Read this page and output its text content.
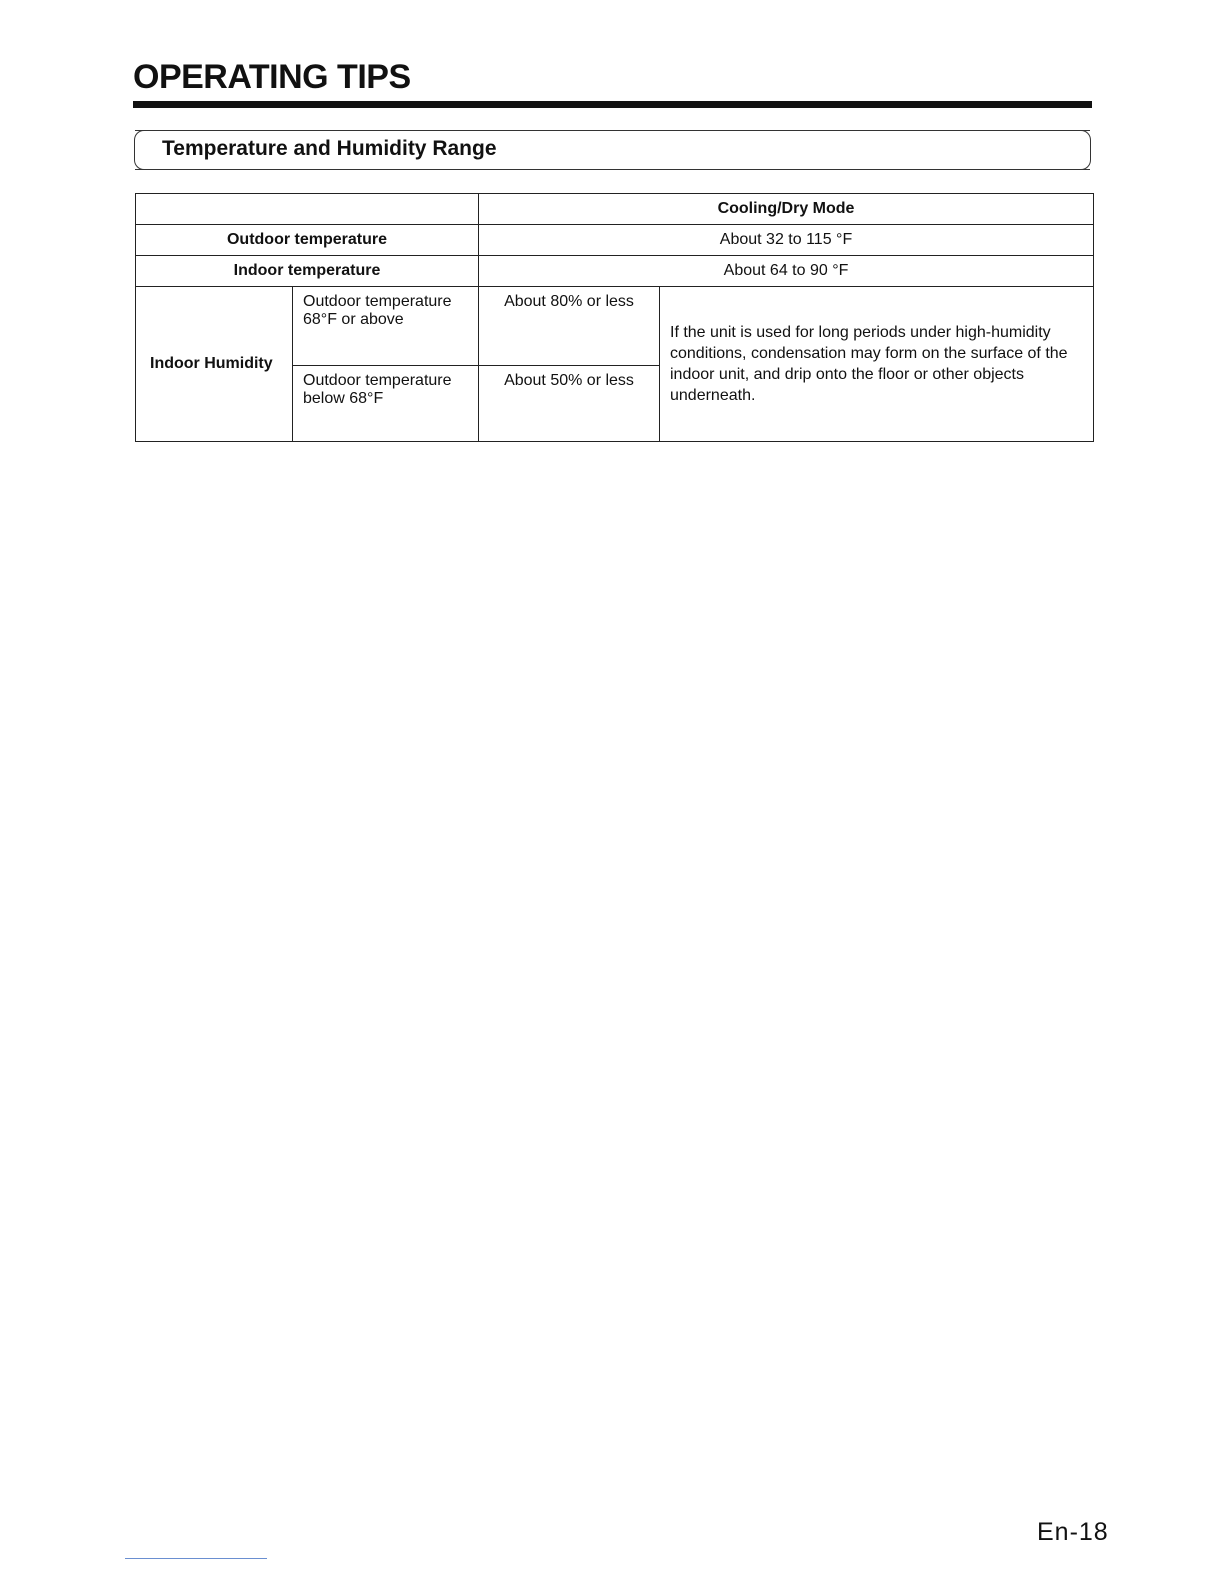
OPERATING TIPS
Temperature and Humidity Range
		Cooling/Dry Mode	
Outdoor temperature		About 32 to 115 °F	
Indoor temperature		About 64 to 90 °F	
Indoor Humidity	Outdoor temperature 68°F or above	About 80% or less	If the unit is used for long periods under high-humidity conditions, condensation may form on the surface of the indoor unit, and drip onto the floor or other objects underneath.
	Outdoor temperature below 68°F	About 50% or less	
En-18
